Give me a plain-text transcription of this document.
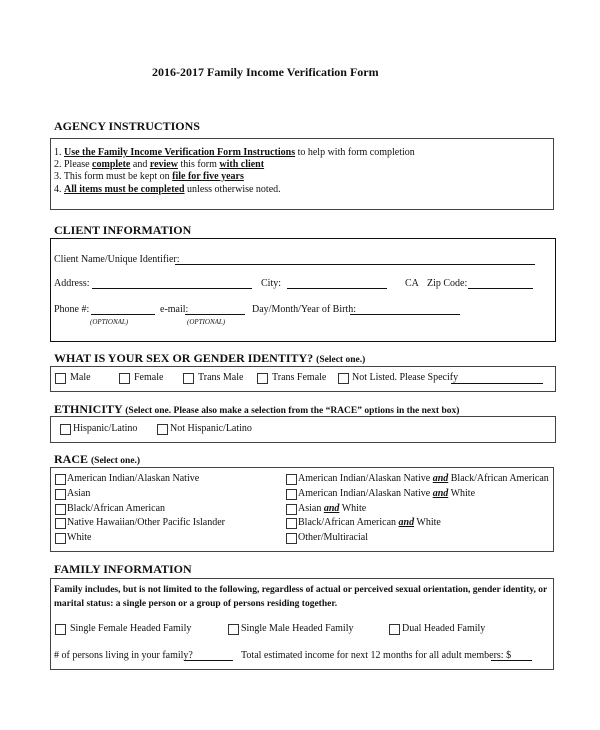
2016-2017 Family Income Verification Form
AGENCY INSTRUCTIONS
1. Use the Family Income Verification Form Instructions to help with form completion
2. Please complete and review this form with client
3. This form must be kept on file for five years
4. All items must be completed unless otherwise noted.
CLIENT INFORMATION
Client Name/Unique Identifier:
Address:	City:	CA Zip Code:
Phone #:
(OPTIONAL)
e-mail:
(OPTIONAL)
Day/Month/Year of Birth:
WHAT IS YOUR SEX OR GENDER IDENTITY? (Select one.)
Male	Female	Trans Male	Trans Female	Not Listed. Please Specify
ETHNICITY (Select one. Please also make a selection from the “RACE” options in the next box)
Hispanic/Latino	Not Hispanic/Latino
RACE (Select one.)
American Indian/Alaskan Native	American Indian/Alaskan Native and Black/African American
Asian	American Indian/Alaskan Native and White
Black/African American	Asian and White
Native Hawaiian/Other Pacific Islander	Black/African American and White
White	Other/Multiracial
FAMILY INFORMATION
Family includes, but is not limited to the following, regardless of actual or perceived sexual orientation, gender identity, or
marital status: a single person or a group of persons residing together.
Single Female Headed Family	Single Male Headed Family	Dual Headed Family
# of persons living in your family?	Total estimated income for next 12 months for all adult members: $
